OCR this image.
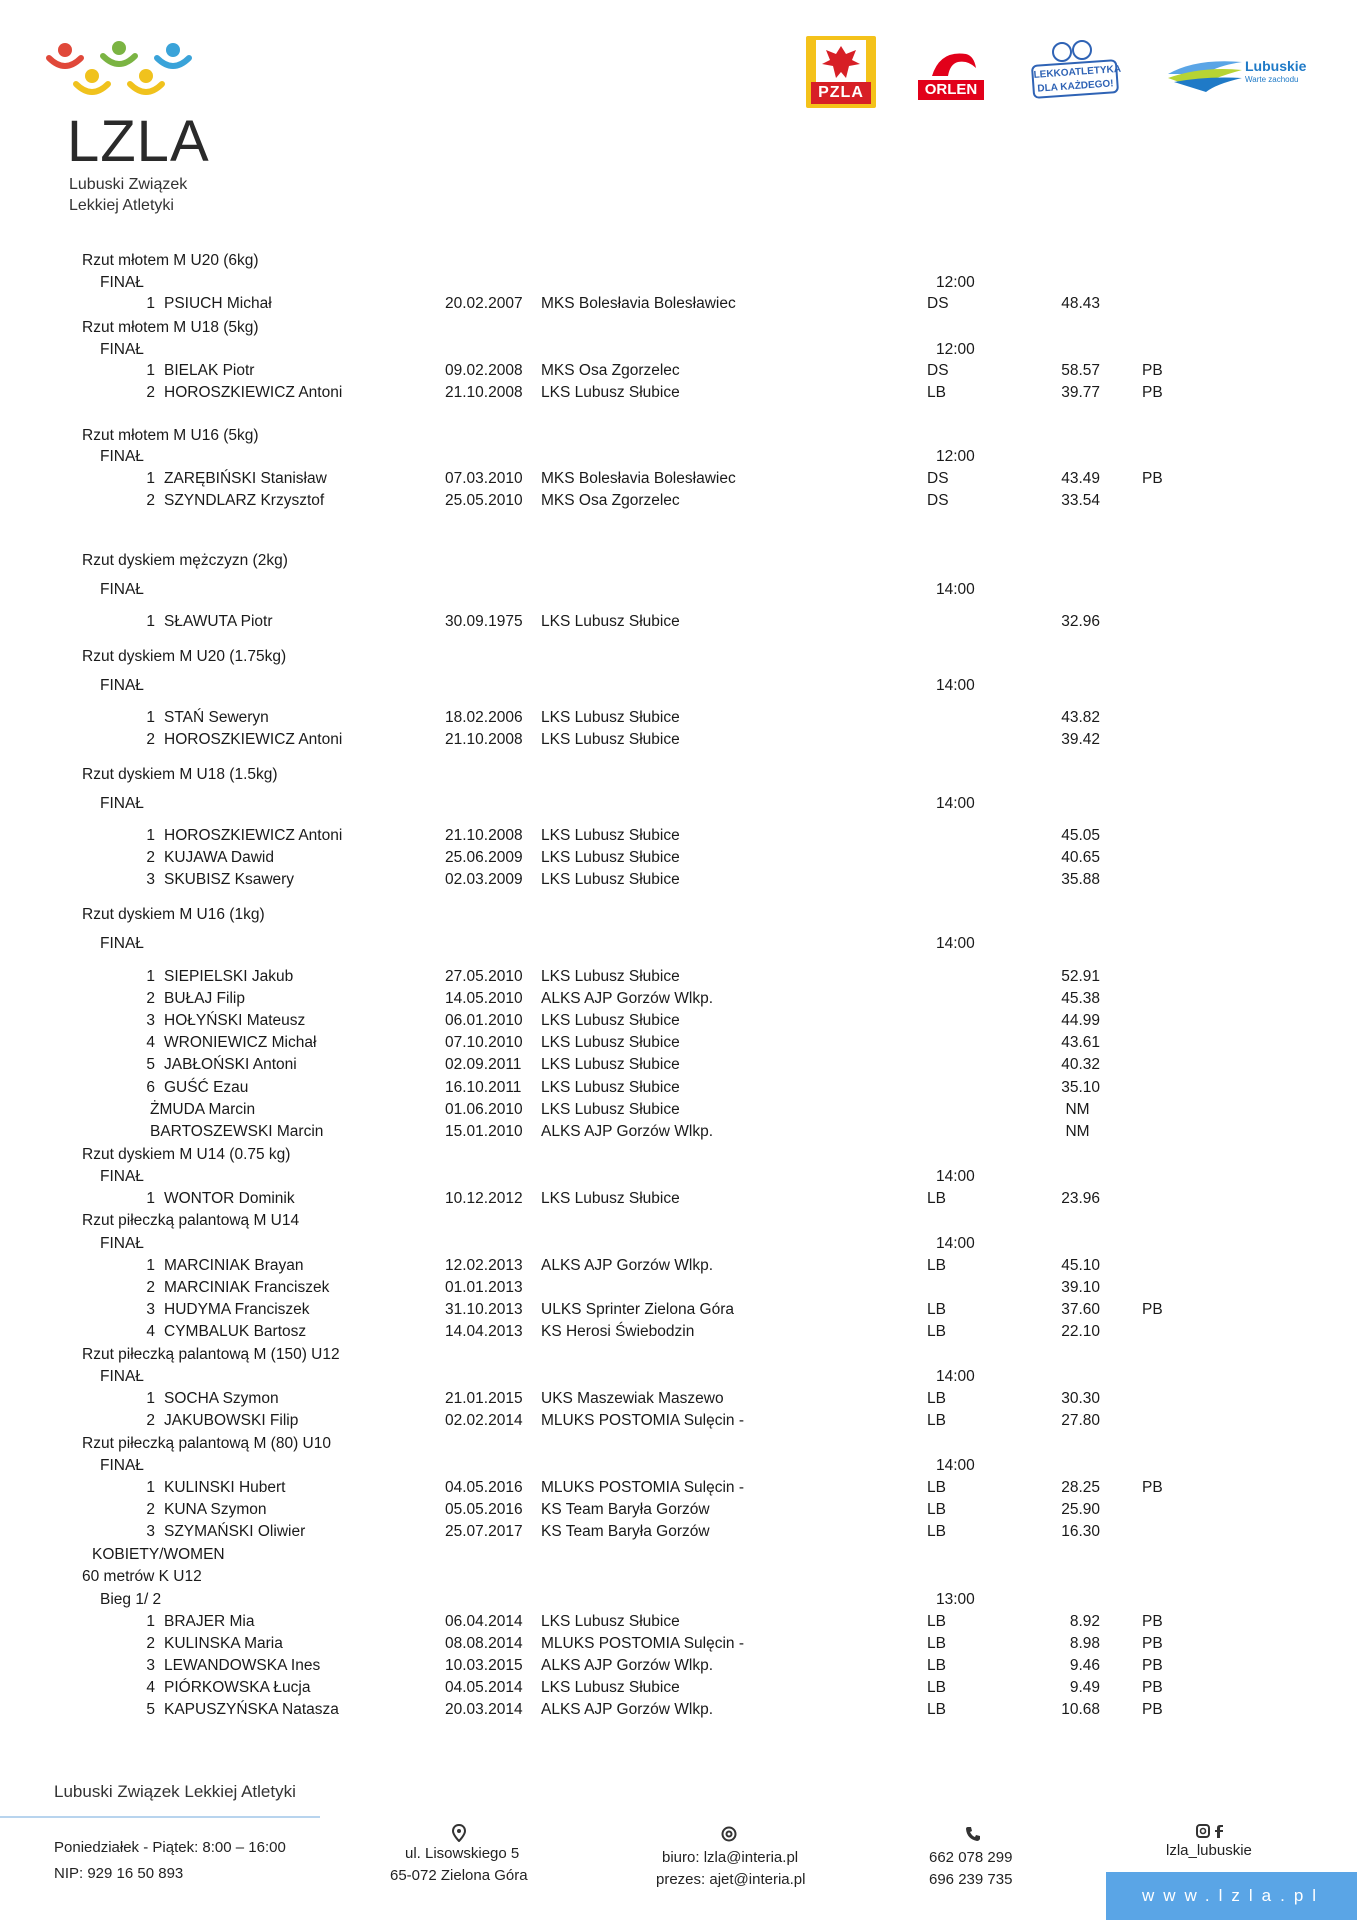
LZLA
Lubuski Związek
Lekkiej Atletyki
PZLA	ORLEN
LEKKOATLETYKA DLA KAŻDEGO!
Lubuskie
Warte zachodu
Rzut młotem M U20 (6kg)
FINAŁ	12:00
1 PSIUCH Michał	20.02.2007 MKS Bolesłavia Bolesławiec	DS	48.43
Rzut młotem M U18 (5kg)
FINAŁ	12:00
1 BIELAK Piotr	09.02.2008 MKS Osa Zgorzelec	DS	58.57	PB
2 HOROSZKIEWICZ Antoni	21.10.2008 LKS Lubusz Słubice	LB	39.77	PB
Rzut młotem M U16 (5kg)
FINAŁ	12:00
1 ZARĘBIŃSKI Stanisław	07.03.2010 MKS Bolesłavia Bolesławiec	DS	43.49	PB
2 SZYNDLARZ Krzysztof	25.05.2010 MKS Osa Zgorzelec	DS	33.54
Rzut dyskiem mężczyzn (2kg)
FINAŁ	14:00
1 SŁAWUTA Piotr	30.09.1975 LKS Lubusz Słubice	32.96
Rzut dyskiem M U20 (1.75kg)
FINAŁ	14:00
1 STAŃ Seweryn	18.02.2006 LKS Lubusz Słubice	43.82
2 HOROSZKIEWICZ Antoni	21.10.2008 LKS Lubusz Słubice	39.42
Rzut dyskiem M U18 (1.5kg)
FINAŁ	14:00
1 HOROSZKIEWICZ Antoni	21.10.2008 LKS Lubusz Słubice	45.05
2 KUJAWA Dawid	25.06.2009 LKS Lubusz Słubice	40.65
3 SKUBISZ Ksawery	02.03.2009 LKS Lubusz Słubice	35.88
Rzut dyskiem M U16 (1kg)
FINAŁ	14:00
1 SIEPIELSKI Jakub	27.05.2010 LKS Lubusz Słubice	52.91
2 BUŁAJ Filip	14.05.2010 ALKS AJP Gorzów Wlkp.	45.38
3 HOŁYŃSKI Mateusz	06.01.2010 LKS Lubusz Słubice	44.99
4 WRONIEWICZ Michał	07.10.2010 LKS Lubusz Słubice	43.61
5 JABŁOŃSKI Antoni	02.09.2011 LKS Lubusz Słubice	40.32
6 GUŚĆ Ezau	16.10.2011 LKS Lubusz Słubice	35.10
ŻMUDA Marcin	01.06.2010 LKS Lubusz Słubice	NM
BARTOSZEWSKI Marcin	15.01.2010 ALKS AJP Gorzów Wlkp.	NM
Rzut dyskiem M U14 (0.75 kg)
FINAŁ	14:00
1 WONTOR Dominik	10.12.2012 LKS Lubusz Słubice	LB	23.96
Rzut piłeczką palantową M U14
FINAŁ	14:00
1 MARCINIAK Brayan	12.02.2013 ALKS AJP Gorzów Wlkp.	LB	45.10
2 MARCINIAK Franciszek	01.01.2013	39.10
3 HUDYMA Franciszek	31.10.2013 ULKS Sprinter Zielona Góra	LB	37.60	PB
4 CYMBALUK Bartosz	14.04.2013 KS Herosi Świebodzin	LB	22.10
Rzut piłeczką palantową M (150) U12
FINAŁ	14:00
1 SOCHA Szymon	21.01.2015 UKS Maszewiak Maszewo	LB	30.30
2 JAKUBOWSKI Filip	02.02.2014 MLUKS POSTOMIA Sulęcin -	LB	27.80
Rzut piłeczką palantową M (80) U10
FINAŁ	14:00
1 KULINSKI Hubert	04.05.2016 MLUKS POSTOMIA Sulęcin -	LB	28.25	PB
2 KUNA Szymon	05.05.2016 KS Team Baryła Gorzów	LB	25.90
3 SZYMAŃSKI Oliwier	25.07.2017 KS Team Baryła Gorzów	LB	16.30
KOBIETY/WOMEN
60 metrów K U12
Bieg 1/ 2	13:00
1 BRAJER Mia	06.04.2014 LKS Lubusz Słubice	LB	8.92	PB
2 KULINSKA Maria	08.08.2014 MLUKS POSTOMIA Sulęcin -	LB	8.98	PB
3 LEWANDOWSKA Ines	10.03.2015 ALKS AJP Gorzów Wlkp.	LB	9.46	PB
4 PIÓRKOWSKA Łucja	04.05.2014 LKS Lubusz Słubice	LB	9.49	PB
5 KAPUSZYŃSKA Natasza	20.03.2014 ALKS AJP Gorzów Wlkp.	LB	10.68	PB
Lubuski Związek Lekkiej Atletyki
Poniedziałek - Piątek: 8:00 – 16:00
NIP: 929 16 50 893
ul. Lisowskiego 5
65-072 Zielona Góra
biuro: lzla@interia.pl
prezes: ajet@interia.pl
662 078 299
696 239 735
lzla_lubuskie
www.lzla.pl
